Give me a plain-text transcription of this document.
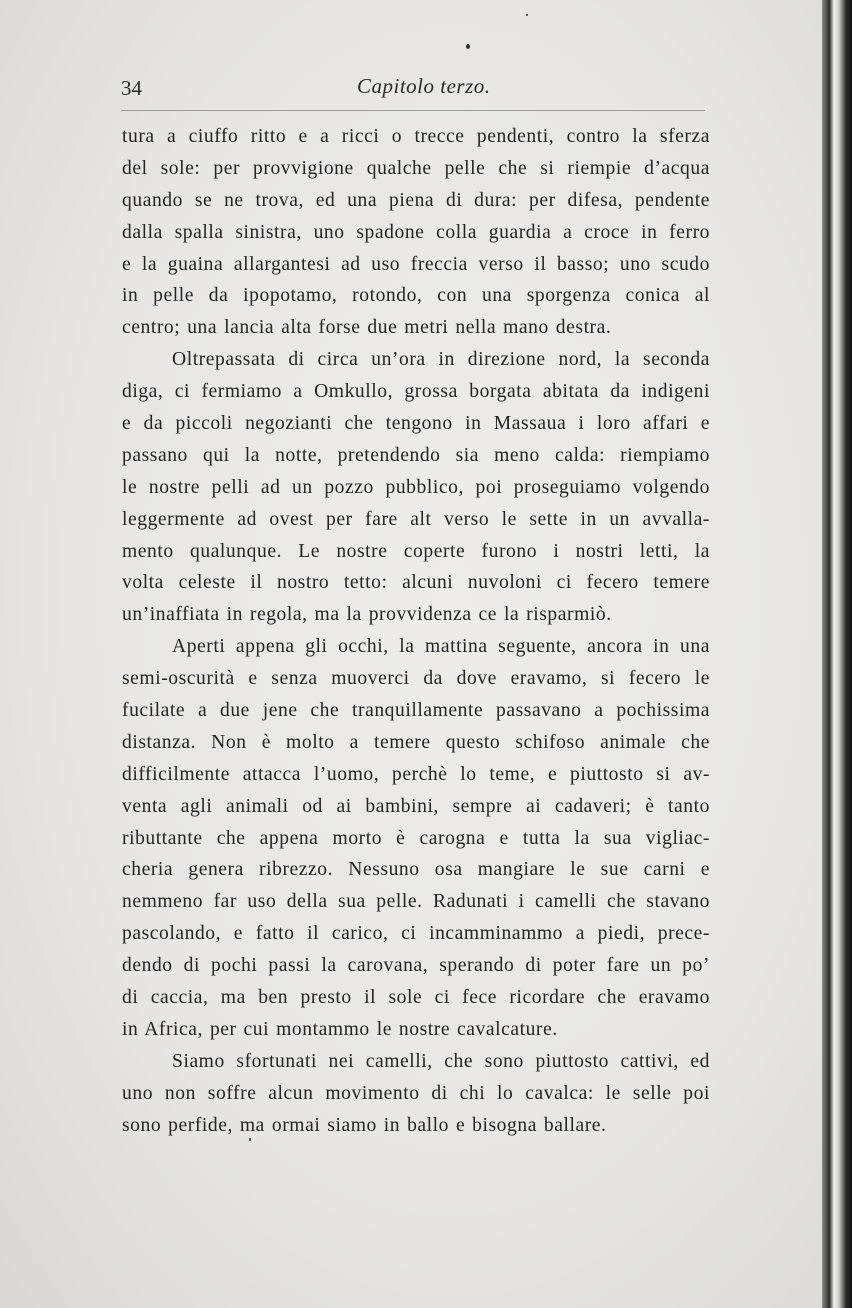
34	Capitolo terzo.
tura a ciuffo ritto e a ricci o trecce pendenti, contro la sferza
del sole: per provvigione qualche pelle che si riempie d’acqua
quando se ne trova, ed una piena di dura: per difesa, pendente
dalla spalla sinistra, uno spadone colla guardia a croce in ferro
e la guaina allargantesi ad uso freccia verso il basso; uno scudo
in pelle da ipopotamo, rotondo, con una sporgenza conica al
centro; una lancia alta forse due metri nella mano destra.
Oltrepassata di circa un’ora in direzione nord, la seconda
diga, ci fermiamo a Omkullo, grossa borgata abitata da indigeni
e da piccoli negozianti che tengono in Massaua i loro affari e
passano qui la notte, pretendendo sia meno calda: riempiamo
le nostre pelli ad un pozzo pubblico, poi proseguiamo volgendo
leggermente ad ovest per fare alt verso le sette in un avvalla-
mento qualunque. Le nostre coperte furono i nostri letti, la
volta celeste il nostro tetto: alcuni nuvoloni ci fecero temere
un’inaffiata in regola, ma la provvidenza ce la risparmiò.
Aperti appena gli occhi, la mattina seguente, ancora in una
semi-oscurità e senza muoverci da dove eravamo, si fecero le
fucilate a due jene che tranquillamente passavano a pochissima
distanza. Non è molto a temere questo schifoso animale che
difficilmente attacca l’uomo, perchè lo teme, e piuttosto si av-
venta agli animali od ai bambini, sempre ai cadaveri; è tanto
ributtante che appena morto è carogna e tutta la sua vigliac-
cheria genera ribrezzo. Nessuno osa mangiare le sue carni e
nemmeno far uso della sua pelle. Radunati i camelli che stavano
pascolando, e fatto il carico, ci incamminammo a piedi, prece-
dendo di pochi passi la carovana, sperando di poter fare un po’
di caccia, ma ben presto il sole ci fece ricordare che eravamo
in Africa, per cui montammo le nostre cavalcature.
Siamo sfortunati nei camelli, che sono piuttosto cattivi, ed
uno non soffre alcun movimento di chi lo cavalca: le selle poi
sono perfide, ma ormai siamo in ballo e bisogna ballare.
